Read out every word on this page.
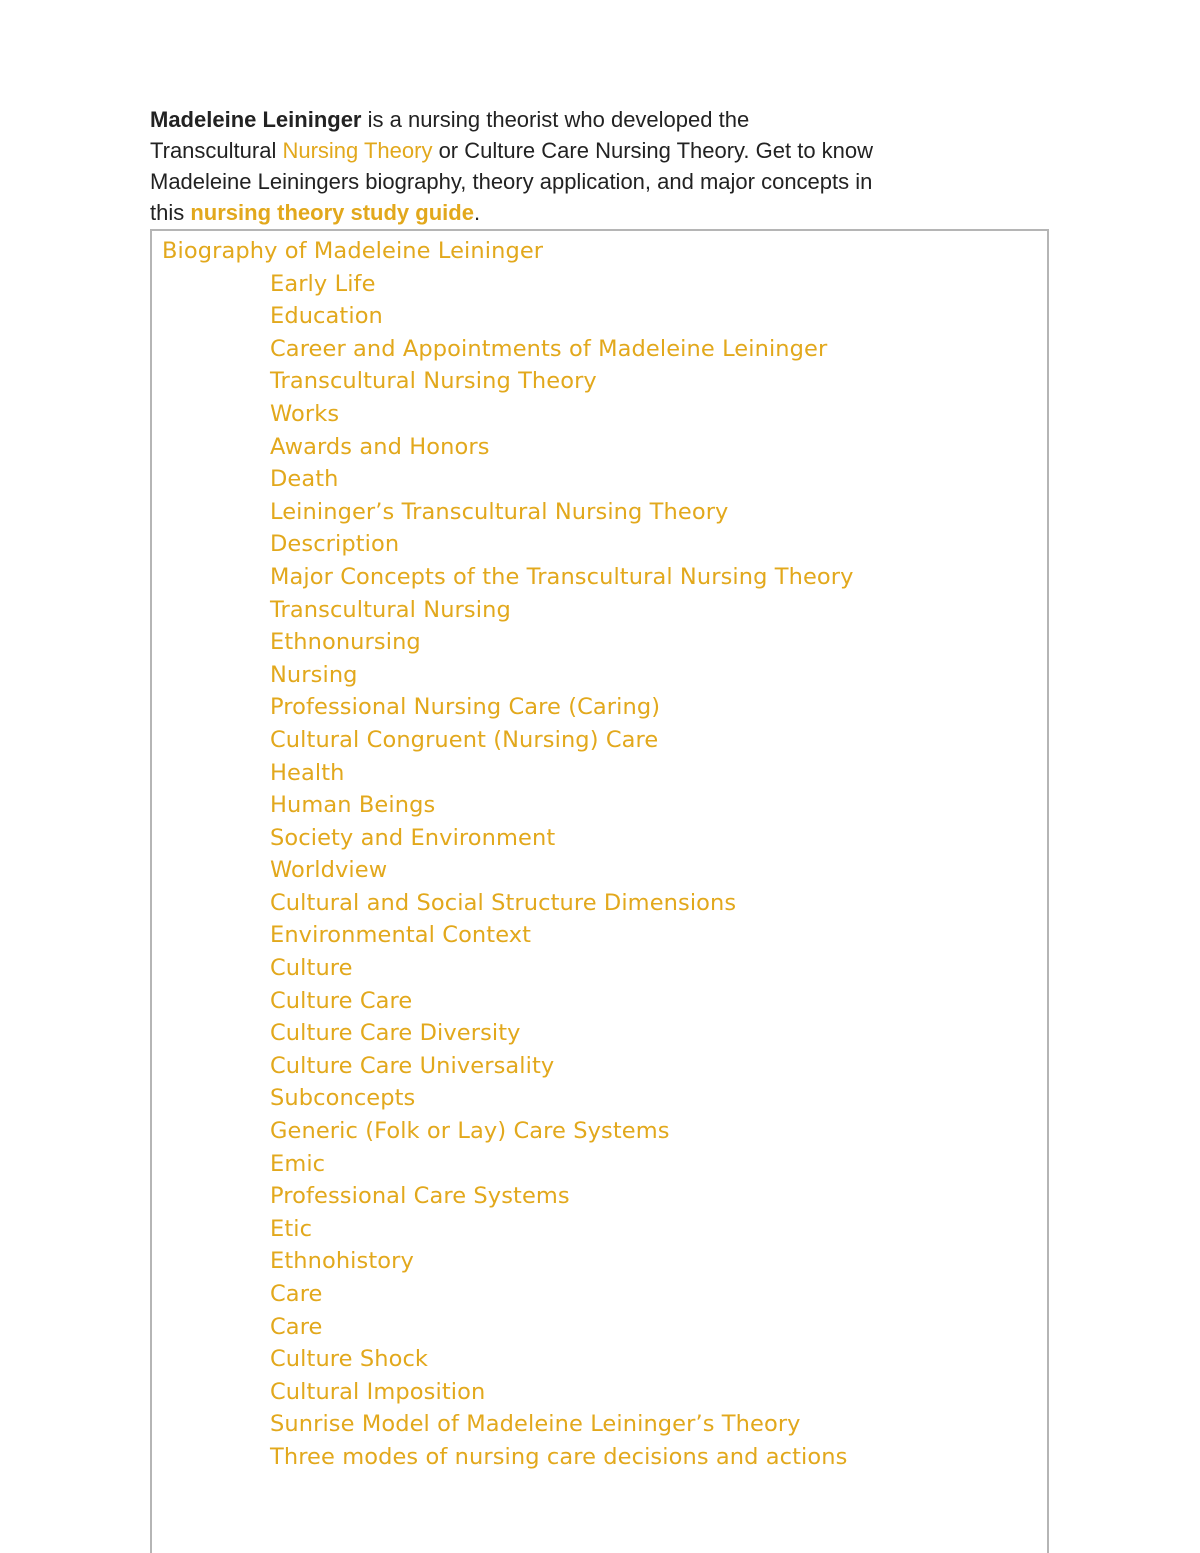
Madeleine Leininger is a nursing theorist who developed the
Transcultural Nursing Theory or Culture Care Nursing Theory. Get to know
Madeleine Leiningers biography, theory application, and major concepts in
this nursing theory study guide.
Biography of Madeleine Leininger
Early Life
Education
Career and Appointments of Madeleine Leininger
Transcultural Nursing Theory
Works
Awards and Honors
Death
Leininger’s Transcultural Nursing Theory
Description
Major Concepts of the Transcultural Nursing Theory
Transcultural Nursing
Ethnonursing
Nursing
Professional Nursing Care (Caring)
Cultural Congruent (Nursing) Care
Health
Human Beings
Society and Environment
Worldview
Cultural and Social Structure Dimensions
Environmental Context
Culture
Culture Care
Culture Care Diversity
Culture Care Universality
Subconcepts
Generic (Folk or Lay) Care Systems
Emic
Professional Care Systems
Etic
Ethnohistory
Care
Care
Culture Shock
Cultural Imposition
Sunrise Model of Madeleine Leininger’s Theory
Three modes of nursing care decisions and actions
